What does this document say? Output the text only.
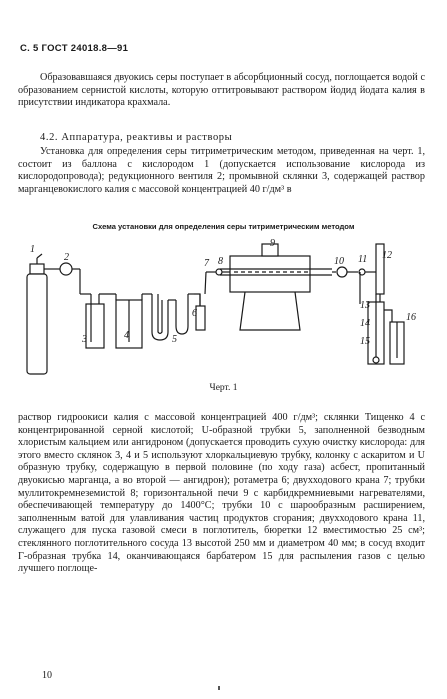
С. 5 ГОСТ 24018.8—91
Образовавшаяся двуокись серы поступает в абсорбционный сосуд, поглощается водой с образованием сернистой кислоты, которую оттитровывают раствором йодид йодата калия в присутствии индикатора крахмала.
4.2. Аппаратура, реактивы и растворы
Установка для определения серы титриметрическим методом, приведенная на черт. 1, состоит из баллона с кислородом 1 (допускается использование кислорода из кислородопровода); редукционного вентиля 2; промывной склянки 3, содержащей раствор марганцевокислого калия с массовой концентрацией 40 г/дм³ в
Схема установки для определения серы титриметрическим методом
1
2
3	4	5
6
7 8
9
10 11 12
13
14
15
16
Черт. 1
раствор гидроокиси калия с массовой концентрацией 400 г/дм³; склянки Тищенко 4 с концентрированной серной кислотой; U-образной трубки 5, заполненной безводным хлористым кальцием или ангидроном (допускается проводить сухую очистку кислорода: для этого вместо склянок 3, 4 и 5 используют хлоркальциевую трубку, колонку с аскаритом и U образную трубку, содержащую в первой половине (по ходу газа) асбест, пропитанный двуокисью марганца, а во второй — ангидрон); ротаметра 6; двухходового крана 7; трубки муллитокремнеземистой 8; горизонтальной печи 9 с карбидкремниевыми нагревателями, обеспечивающей температуру до 1400°С; трубки 10 с шарообразным расширением, заполненным ватой для улавливания частиц продуктов сгорания; двухходового крана 11, служащего для пуска газовой смеси в поглотитель, бюретки 12 вместимостью 25 см³; стеклянного поглотительного сосуда 13 высотой 250 мм и диаметром 40 мм; в сосуд входит Г-образная трубка 14, оканчивающаяся барбатером 15 для распыления газов с целью лучшего поглоще-
10
